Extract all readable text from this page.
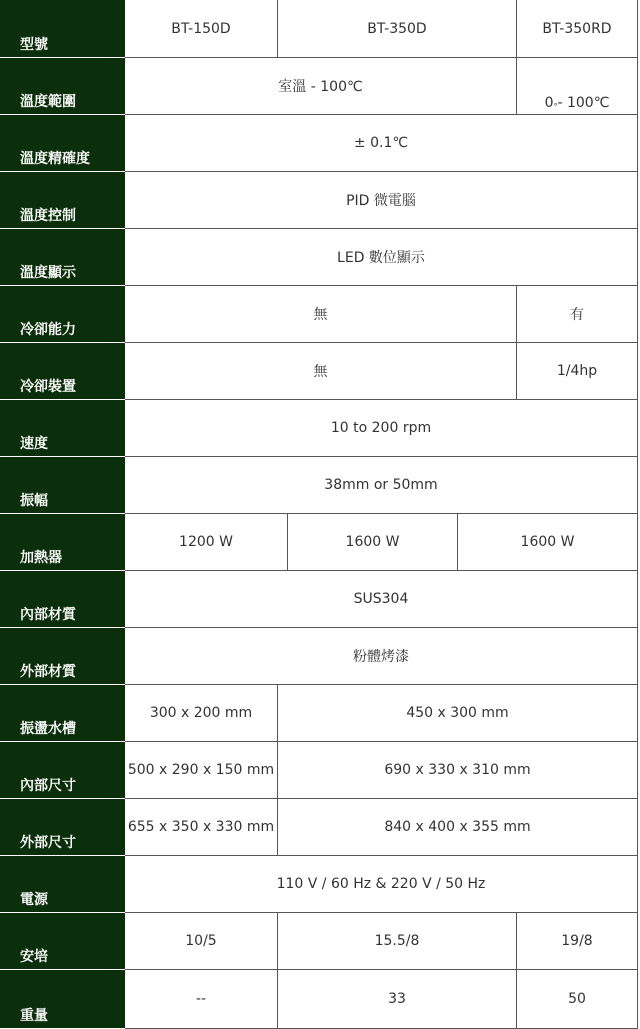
型號
BT-150D	BT-350D	BT-350RD
溫度範圍
室溫 - 100℃
0 ° - 100℃
溫度精確度
± 0.1℃
溫度控制
PID 微電腦
溫度顯示
LED 數位顯示
冷卻能力
無	有
冷卻裝置
無	1/4hp
速度
10 to 200 rpm
振幅
38mm or 50mm
加熱器
1200 W	1600 W	1600 W
內部材質
SUS304
外部材質
粉體烤漆
振盪水槽
300 x 200 mm	450 x 300 mm
內部尺寸
500 x 290 x 150 mm	690 x 330 x 310 mm
外部尺寸
655 x 350 x 330 mm	840 x 400 x 355 mm
電源
110 V / 60 Hz & 220 V / 50 Hz
安培
10/5	15.5/8	19/8
重量
--	33	50
